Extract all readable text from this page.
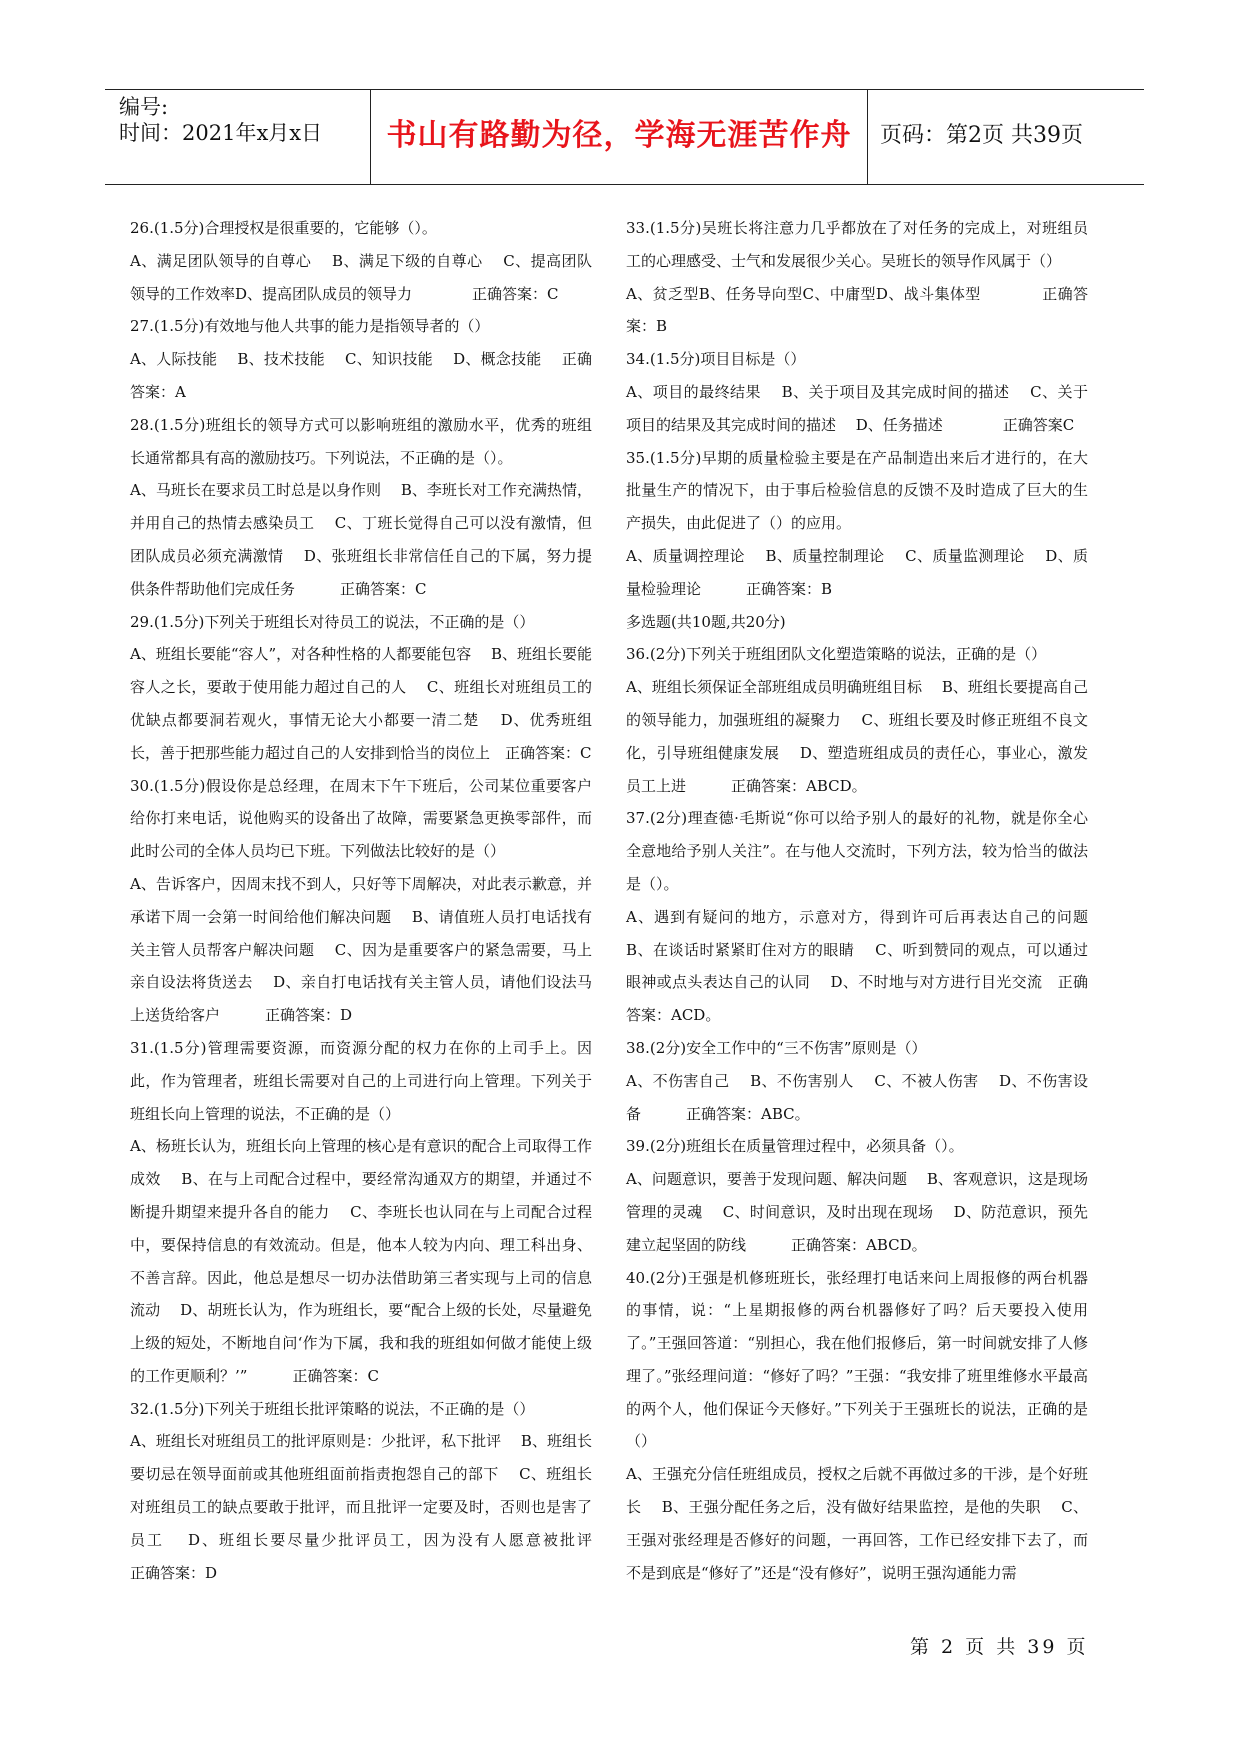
编号:
时间：2021年x月x日	书山有路勤为径，学海无涯苦作舟	页码：第2页 共39页

26.(1.5分)合理授权是很重要的，它能够（）。

A、满足团队领导的自尊心　 B、满足下级的自尊心　 C、提高团队领导的工作效率D、提高团队成员的领导力　　　　正确答案：C

27.(1.5分)有效地与他人共事的能力是指领导者的（）

A、人际技能　 B、技术技能　 C、知识技能　 D、概念技能　 正确答案：A

28.(1.5分)班组长的领导方式可以影响班组的激励水平，优秀的班组长通常都具有高的激励技巧。下列说法，不正确的是（）。

A、马班长在要求员工时总是以身作则　 B、李班长对工作充满热情，并用自己的热情去感染员工　 C、丁班长觉得自己可以没有激情，但团队成员必须充满激情　 D、张班组长非常信任自己的下属，努力提供条件帮助他们完成任务　　　正确答案：C

29.(1.5分)下列关于班组长对待员工的说法，不正确的是（）

A、班组长要能“容人”，对各种性格的人都要能包容　 B、班组长要能容人之长，要敢于使用能力超过自己的人　 C、班组长对班组员工的优缺点都要洞若观火，事情无论大小都要一清二楚　 D、优秀班组长，善于把那些能力超过自己的人安排到恰当的岗位上　正确答案：C

30.(1.5分)假设你是总经理，在周末下午下班后，公司某位重要客户给你打来电话，说他购买的设备出了故障，需要紧急更换零部件，而此时公司的全体人员均已下班。下列做法比较好的是（）

A、告诉客户，因周末找不到人，只好等下周解决，对此表示歉意，并承诺下周一会第一时间给他们解决问题　 B、请值班人员打电话找有关主管人员帮客户解决问题　 C、因为是重要客户的紧急需要，马上亲自设法将货送去　 D、亲自打电话找有关主管人员，请他们设法马上送货给客户　　　正确答案：D

31.(1.5分)管理需要资源，而资源分配的权力在你的上司手上。因此，作为管理者，班组长需要对自己的上司进行向上管理。下列关于班组长向上管理的说法，不正确的是（）

A、杨班长认为，班组长向上管理的核心是有意识的配合上司取得工作成效　 B、在与上司配合过程中，要经常沟通双方的期望，并通过不断提升期望来提升各自的能力　 C、李班长也认同在与上司配合过程中，要保持信息的有效流动。但是，他本人较为内向、理工科出身、不善言辞。因此，他总是想尽一切办法借助第三者实现与上司的信息流动　 D、胡班长认为，作为班组长，要“配合上级的长处，尽量避免上级的短处，不断地自问‘作为下属，我和我的班组如何做才能使上级的工作更顺利？’”　　　正确答案：C

32.(1.5分)下列关于班组长批评策略的说法，不正确的是（）

A、班组长对班组员工的批评原则是：少批评，私下批评　 B、班组长要切忌在领导面前或其他班组面前指责抱怨自己的部下　 C、班组长对班组员工的缺点要敢于批评，而且批评一定要及时，否则也是害了员工　 D、班组长要尽量少批评员工，因为没有人愿意被批评　　　正确答案：D

33.(1.5分)吴班长将注意力几乎都放在了对任务的完成上，对班组员工的心理感受、士气和发展很少关心。吴班长的领导作风属于（）

A、贫乏型B、任务导向型C、中庸型D、战斗集体型　　　　正确答案：B

34.(1.5分)项目目标是（）

A、项目的最终结果　 B、关于项目及其完成时间的描述　 C、关于项目的结果及其完成时间的描述　 D、任务描述　　　　正确答案C

35.(1.5分)早期的质量检验主要是在产品制造出来后才进行的，在大批量生产的情况下，由于事后检验信息的反馈不及时造成了巨大的生产损失，由此促进了（）的应用。

A、质量调控理论　 B、质量控制理论　 C、质量监测理论　 D、质量检验理论　　　正确答案：B

多选题(共10题,共20分)

36.(2分)下列关于班组团队文化塑造策略的说法，正确的是（）

A、班组长须保证全部班组成员明确班组目标　 B、班组长要提高自己的领导能力，加强班组的凝聚力　 C、班组长要及时修正班组不良文化，引导班组健康发展　 D、塑造班组成员的责任心，事业心，激发员工上进　　　正确答案：ABCD。

37.(2分)理查德·毛斯说“你可以给予别人的最好的礼物，就是你全心全意地给予别人关注”。在与他人交流时，下列方法，较为恰当的做法是（）。

A、遇到有疑问的地方，示意对方，得到许可后再表达自己的问题　 B、在谈话时紧紧盯住对方的眼睛　 C、听到赞同的观点，可以通过眼神或点头表达自己的认同　 D、不时地与对方进行目光交流　正确答案：ACD。

38.(2分)安全工作中的“三不伤害”原则是（）

A、不伤害自己　 B、不伤害别人　 C、不被人伤害　 D、不伤害设备　　　正确答案：ABC。

39.(2分)班组长在质量管理过程中，必须具备（）。

A、问题意识，要善于发现问题、解决问题　 B、客观意识，这是现场管理的灵魂　 C、时间意识，及时出现在现场　 D、防范意识，预先建立起坚固的防线　　　正确答案：ABCD。

40.(2分)王强是机修班班长，张经理打电话来问上周报修的两台机器的事情，说：“上星期报修的两台机器修好了吗？后天要投入使用了。”王强回答道：“别担心，我在他们报修后，第一时间就安排了人修理了。”张经理问道：“修好了吗？”王强：“我安排了班里维修水平最高的两个人，他们保证今天修好。”下列关于王强班长的说法，正确的是（）

A、王强充分信任班组成员，授权之后就不再做过多的干涉，是个好班长　 B、王强分配任务之后，没有做好结果监控，是他的失职　 C、王强对张经理是否修好的问题，一再回答，工作已经安排下去了，而不是到底是“修好了”还是“没有修好”，说明王强沟通能力需

第 2 页 共 39 页
